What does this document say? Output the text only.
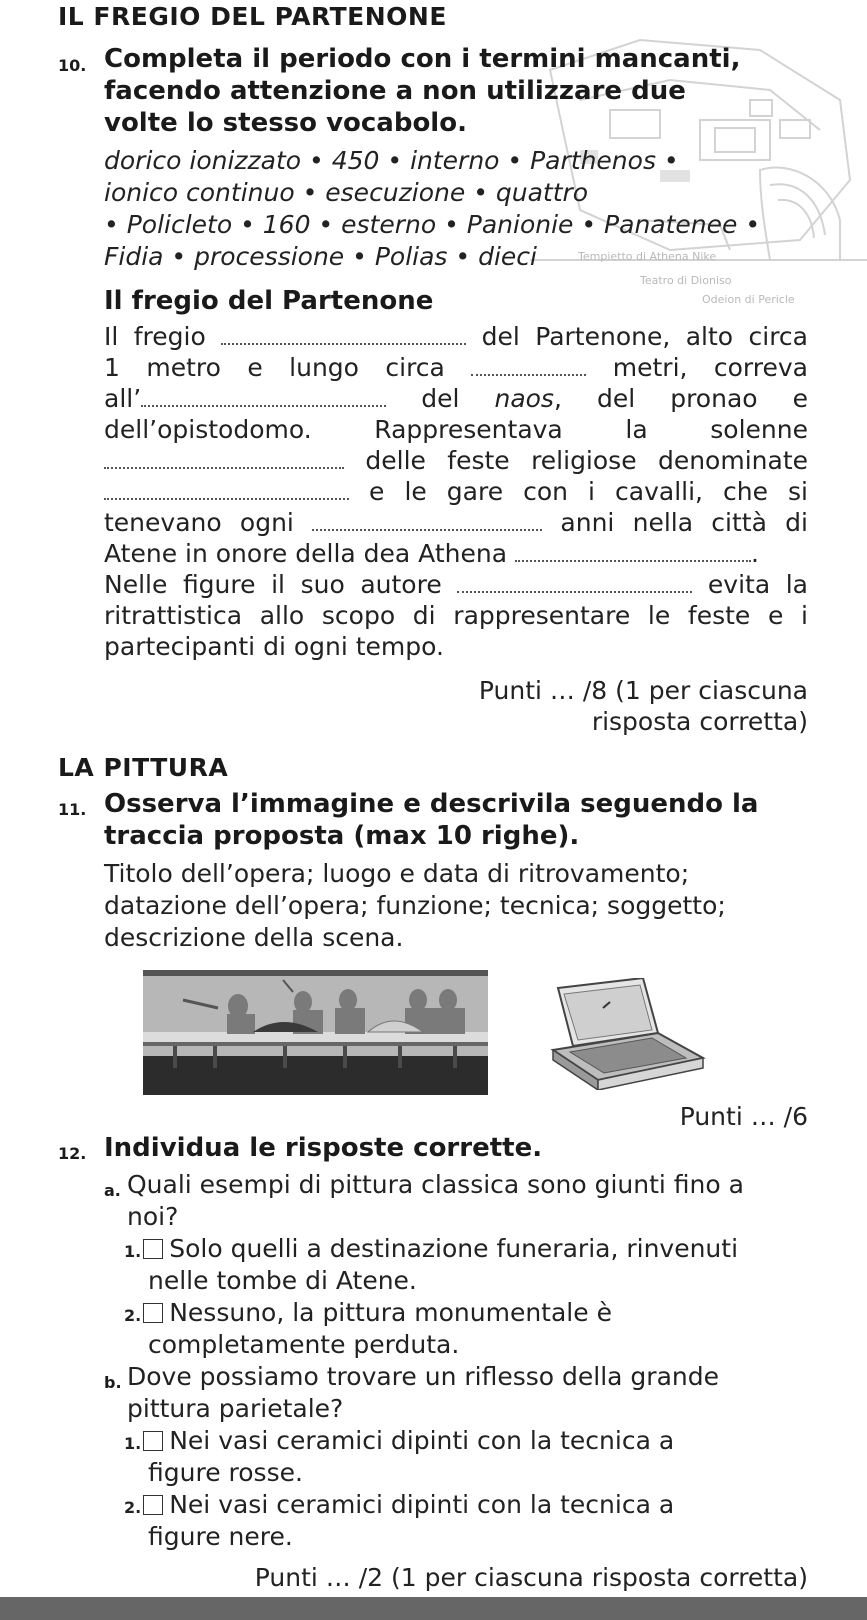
Tempietto di Athena Nike
Teatro di Dioniso
Odeion di Pericle
IL FREGIO DEL PARTENONE
10. Completa il periodo con i termini mancanti,
facendo attenzione a non utilizzare due
volte lo stesso vocabolo.
dorico ionizzato • 450 • interno • Parthenos •
ionico continuo • esecuzione • quattro
• Policleto • 160 • esterno • Panionie • Panatenee •
Fidia • processione • Polias • dieci
Il fregio del Partenone
Il fregio	del Partenone, alto circa
1 metro e lungo circa	metri, correva
all’	del naos, del pronao e
dell’opistodomo. Rappresentava la solenne
delle feste religiose denominate
e le gare con i cavalli, che si
tenevano ogni	anni nella città di
Atene in onore della dea Athena	.
Nelle figure il suo autore	evita la
ritrattistica allo scopo di rappresentare le feste e i
partecipanti di ogni tempo.
Punti … /8 (1 per ciascuna
risposta corretta)
LA PITTURA
11. Osserva l’immagine e descrivila seguendo la
traccia proposta (max 10 righe).
Titolo dell’opera; luogo e data di ritrovamento;
datazione dell’opera; funzione; tecnica; soggetto;
descrizione della scena.
Punti … /6
12. Individua le risposte corrette.
a. Quali esempi di pittura classica sono giunti fino a
noi?
1. Solo quelli a destinazione funeraria, rinvenuti
nelle tombe di Atene.
2. Nessuno, la pittura monumentale è
completamente perduta.
b. Dove possiamo trovare un riflesso della grande
pittura parietale?
1. Nei vasi ceramici dipinti con la tecnica a
figure rosse.
2. Nei vasi ceramici dipinti con la tecnica a
figure nere.
Punti … /2 (1 per ciascuna risposta corretta)
